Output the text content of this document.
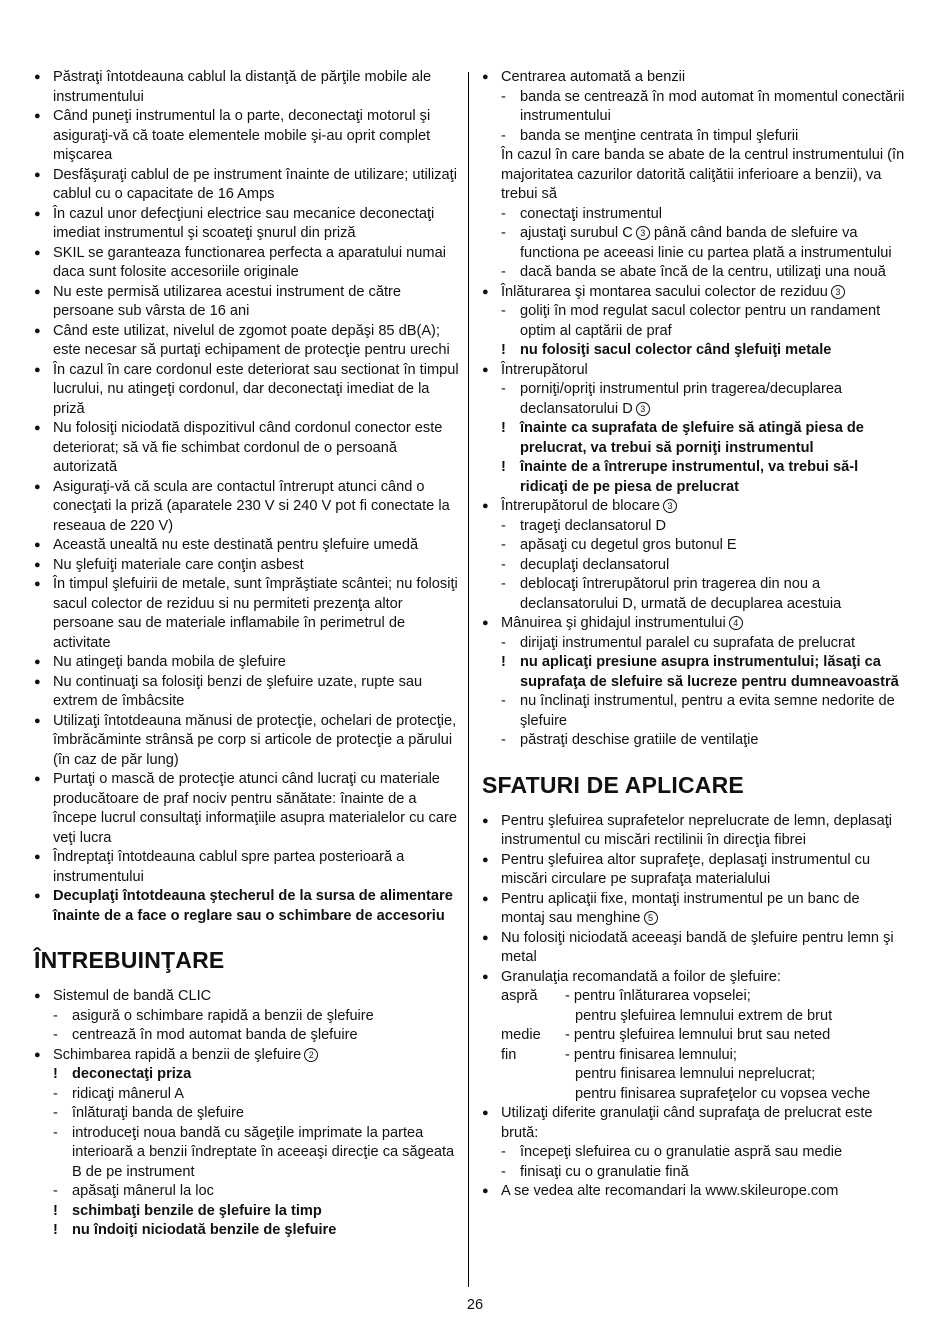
● Păstraţi întotdeauna cablul la distanţă de părţile mobile ale instrumentului
● Când puneţi instrumentul la o parte, deconectaţi motorul şi asiguraţi-vă că toate elementele mobile şi-au oprit complet mişcarea
● Desfăşuraţi cablul de pe instrument înainte de utilizare; utilizaţi cablul cu o capacitate de 16 Amps
● În cazul unor defecţiuni electrice sau mecanice deconectaţi imediat instrumentul şi scoateţi şnurul din priză
● SKIL se garanteaza functionarea perfecta a aparatului numai daca sunt folosite accesoriile originale
● Nu este permisă utilizarea acestui instrument de către persoane sub vârsta de 16 ani
● Când este utilizat, nivelul de zgomot poate depăşi 85 dB(A); este necesar să purtaţi echipament de protecţie pentru urechi
● În cazul în care cordonul este deteriorat sau sectionat în timpul lucrului, nu atingeţi cordonul, dar deconectaţi imediat de la priză
● Nu folosiţi niciodată dispozitivul când cordonul conector este deteriorat; să vă fie schimbat cordonul de o persoană autorizată
● Asiguraţi-vă că scula are contactul întrerupt atunci când o conecţati la priză (aparatele 230 V si 240 V pot fi conectate la reseaua de 220 V)
● Această unealtă nu este destinată pentru şlefuire umedă
● Nu şlefuiţi materiale care conţin asbest
● În timpul şlefuirii de metale, sunt împrăştiate scântei; nu folosiţi sacul colector de reziduu si nu permiteti prezenţa altor persoane sau de materiale inflamabile în perimetrul de activitate
● Nu atingeţi banda mobila de şlefuire
● Nu continuaţi sa folosiţi benzi de şlefuire uzate, rupte sau extrem de îmbâcsite
● Utilizaţi întotdeauna mănusi de protecţie, ochelari de protecţie, îmbrăcăminte strânsă pe corp si articole de protecţie a părului (în caz de păr lung)
● Purtaţi o mască de protecţie atunci când lucraţi cu materiale producătoare de praf nociv pentru sănătate: înainte de a începe lucrul consultaţi informaţiile asupra materialelor cu care veţi lucra
● Îndreptaţi întotdeauna cablul spre partea posterioară a instrumentului
● Decuplaţi întotdeauna ştecherul de la sursa de alimentare înainte de a face o reglare sau o schimbare de accesoriu
ÎNTREBUINŢARE
● Sistemul de bandă CLIC
- asigură o schimbare rapidă a benzii de şlefuire
- centrează în mod automat banda de şlefuire
● Schimbarea rapidă a benzii de şlefuire 2
! deconectaţi priza
- ridicaţi mânerul A
- înlăturaţi banda de şlefuire
- introduceţi noua bandă cu săgeţile imprimate la partea interioară a benzii îndreptate în aceeaşi direcţie ca săgeata B de pe instrument
- apăsaţi mânerul la loc
! schimbaţi benzile de şlefuire la timp
! nu îndoiţi niciodată benzile de şlefuire
● Centrarea automată a benzii
- banda se centrează în mod automat în momentul conectării instrumentului
- banda se menţine centrata în timpul şlefurii
În cazul în care banda se abate de la centrul instrumentului (în majoritatea cazurilor datorită caliţătii inferioare a benzii), va trebui să
- conectaţi instrumentul
- ajustaţi surubul C 3 până când banda de slefuire va functiona pe aceeasi linie cu partea plată a instrumentului
- dacă banda se abate încă de la centru, utilizaţi una nouă
● Înlăturarea şi montarea sacului colector de reziduu 3
- goliţi în mod regulat sacul colector pentru un randament optim al captării de praf
! nu folosiţi sacul colector când şlefuiţi metale
● Întrerupătorul
- porniţi/opriţi instrumentul prin tragerea/decuplarea declansatorului D 3
! înainte ca suprafata de şlefuire să atingă piesa de prelucrat, va trebui să porniţi instrumentul
! înainte de a întrerupe instrumentul, va trebui să-l ridicaţi de pe piesa de prelucrat
● Întrerupătorul de blocare 3
- trageţi declansatorul D
- apăsaţi cu degetul gros butonul E
- decuplaţi declansatorul
- deblocaţi întrerupătorul prin tragerea din nou a declansatorului D, urmată de decuplarea acestuia
● Mânuirea şi ghidajul instrumentului 4
- dirijaţi instrumentul paralel cu suprafata de prelucrat
! nu aplicaţi presiune asupra instrumentului; lăsaţi ca suprafaţa de slefuire să lucreze pentru dumneavoastră
- nu înclinaţi instrumentul, pentru a evita semne nedorite de şlefuire
- păstraţi deschise gratiile de ventilaţie
SFATURI DE APLICARE
● Pentru şlefuirea suprafetelor neprelucrate de lemn, deplasaţi instrumentul cu miscări rectilinii în direcţia fibrei
● Pentru şlefuirea altor suprafeţe, deplasaţi instrumentul cu miscări circulare pe suprafaţa materialului
● Pentru aplicaţii fixe, montaţi instrumentul pe un banc de montaj sau menghine 5
● Nu folosiţi niciodată aceeaşi bandă de şlefuire pentru lemn şi metal
● Granulaţia recomandată a foilor de şlefuire:
aspră	- pentru înlăturarea vopselei;
pentru şlefuirea lemnului extrem de brut
medie	- pentru şlefuirea lemnului brut sau neted
fin	- pentru finisarea lemnului;
pentru finisarea lemnului neprelucrat;
pentru finisarea suprafeţelor cu vopsea veche
● Utilizaţi diferite granulaţii când suprafaţa de prelucrat este brută:
- începeţi slefuirea cu o granulatie aspră sau medie
- finisaţi cu o granulatie fină
● A se vedea alte recomandari la www.skileurope.com
26
